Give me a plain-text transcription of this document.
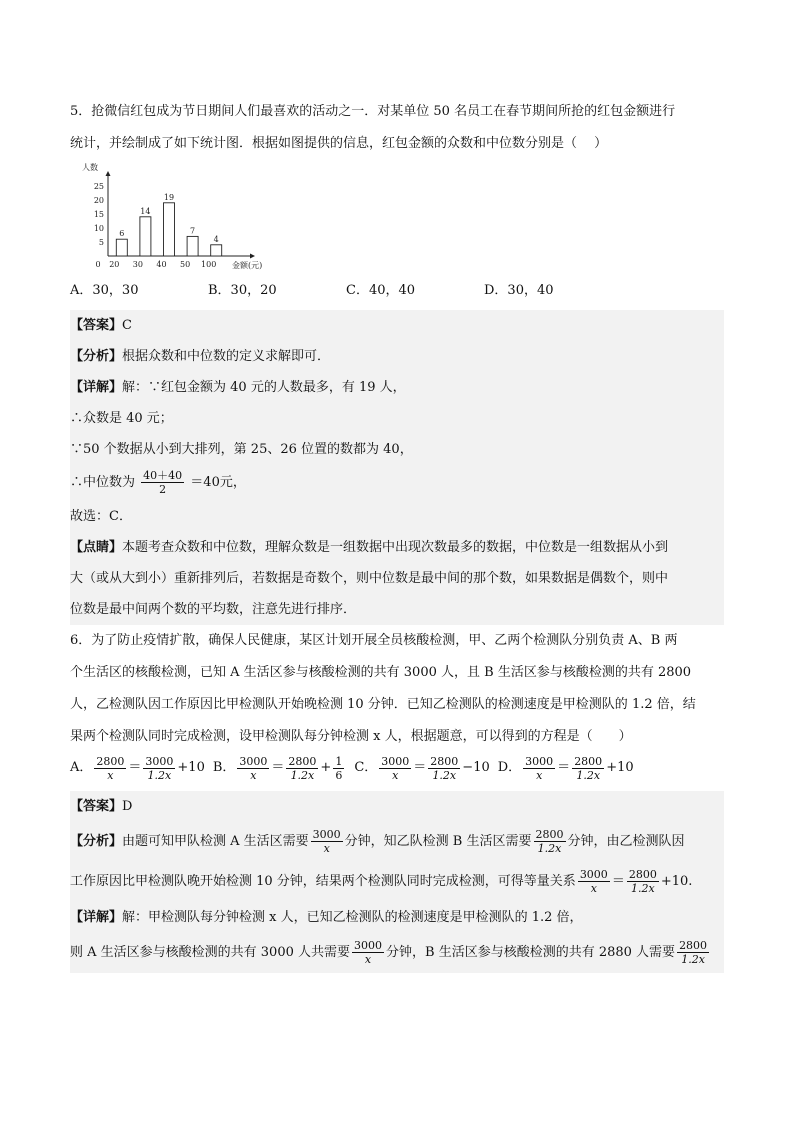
5．抢微信红包成为节日期间人们最喜欢的活动之一．对某单位 50 名员工在春节期间所抢的红包金额进行
统计，并绘制成了如下统计图．根据如图提供的信息，红包金额的众数和中位数分别是（　 ）
人数
金额(元)
0
5
10
15
20
25
6
20
14
30
19
40
7
50
4
100
A．30，30	B．30，20	C．40，40	D．30，40
【答案】C
【分析】根据众数和中位数的定义求解即可．
【详解】解：∵红包金额为 40 元的人数最多，有 19 人，
∴众数是 40 元；
∵50 个数据从小到大排列，第 25、26 位置的数都为 40，
∴中位数为 $\frac{40+40}{2} =40$元，
故选：C．
【点睛】本题考查众数和中位数，理解众数是一组数据中出现次数最多的数据，中位数是一组数据从小到
大（或从大到小）重新排列后，若数据是奇数个，则中位数是最中间的那个数，如果数据是偶数个，则中
位数是最中间两个数的平均数，注意先进行排序．
6．为了防止疫情扩散，确保人民健康，某区计划开展全员核酸检测，甲、乙两个检测队分别负责 A、B 两
个生活区的核酸检测，已知 A 生活区参与核酸检测的共有 3000 人，且 B 生活区参与核酸检测的共有 2800
人，乙检测队因工作原因比甲检测队开始晚检测 10 分钟．已知乙检测队的检测速度是甲检测队的 1.2 倍，结
果两个检测队同时完成检测，设甲检测队每分钟检测 x 人，根据题意，可以得到的方程是（　　）
A． $\frac{2800}{x} = \frac{3000}{1.2x} +10$ B． $\frac{3000}{x} = \frac{2800}{1.2x} + \frac{1}{6}$ C． $\frac{3000}{x} = \frac{2800}{1.2x} -10$ D． $\frac{3000}{x} = \frac{2800}{1.2x} +10$
【答案】D
【分析】由题可知甲队检测 A 生活区需要 $\frac{3000}{x}$ 分钟，知乙队检测 B 生活区需要 $\frac{2800}{1.2x}$ 分钟，由乙检测队因
工作原因比甲检测队晚开始检测 10 分钟，结果两个检测队同时完成检测，可得等量关系 $\frac{3000}{x} = \frac{2800}{1.2x} +10$.
【详解】解：甲检测队每分钟检测 x 人，已知乙检测队的检测速度是甲检测队的 1.2 倍，
则 A 生活区参与核酸检测的共有 3000 人共需要 $\frac{3000}{x}$ 分钟，B 生活区参与核酸检测的共有 2880 人需要 $\frac{2800}{1.2x}$
